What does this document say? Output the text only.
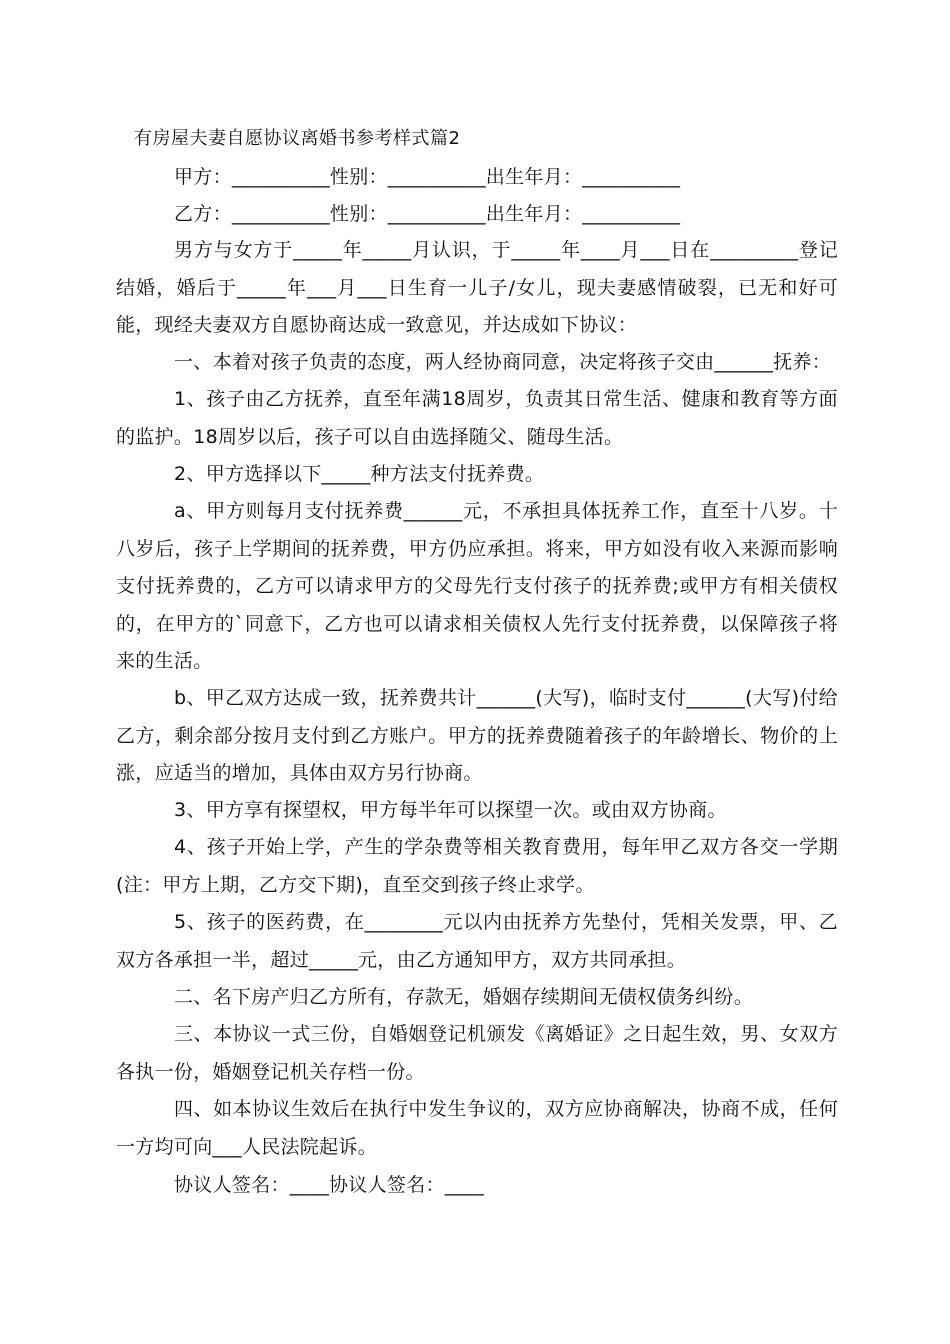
有房屋夫妻自愿协议离婚书参考样式篇2
甲方：__________性别：__________出生年月：__________
乙方：__________性别：__________出生年月：__________
男方与女方于_____年_____月认识，于_____年____月___日在_________登记结婚，婚后于_____年___月___日生育一儿子/女儿，现夫妻感情破裂，已无和好可能，现经夫妻双方自愿协商达成一致意见，并达成如下协议：
一、本着对孩子负责的态度，两人经协商同意，决定将孩子交由______抚养：
1、孩子由乙方抚养，直至年满18周岁，负责其日常生活、健康和教育等方面的监护。18周岁以后，孩子可以自由选择随父、随母生活。
2、甲方选择以下_____种方法支付抚养费。
a、甲方则每月支付抚养费______元，不承担具体抚养工作，直至十八岁。十八岁后，孩子上学期间的抚养费，甲方仍应承担。将来，甲方如没有收入来源而影响支付抚养费的，乙方可以请求甲方的父母先行支付孩子的抚养费;或甲方有相关债权的，在甲方的`同意下，乙方也可以请求相关债权人先行支付抚养费，以保障孩子将来的生活。
b、甲乙双方达成一致，抚养费共计______(大写)，临时支付______(大写)付给乙方，剩余部分按月支付到乙方账户。甲方的抚养费随着孩子的年龄增长、物价的上涨，应适当的增加，具体由双方另行协商。
3、甲方享有探望权，甲方每半年可以探望一次。或由双方协商。
4、孩子开始上学，产生的学杂费等相关教育费用，每年甲乙双方各交一学期(注：甲方上期，乙方交下期)，直至交到孩子终止求学。
5、孩子的医药费，在________元以内由抚养方先垫付，凭相关发票，甲、乙双方各承担一半，超过_____元，由乙方通知甲方，双方共同承担。
二、名下房产归乙方所有，存款无，婚姻存续期间无债权债务纠纷。
三、本协议一式三份，自婚姻登记机颁发《离婚证》之日起生效，男、女双方各执一份，婚姻登记机关存档一份。
四、如本协议生效后在执行中发生争议的，双方应协商解决，协商不成，任何一方均可向___人民法院起诉。
协议人签名：____协议人签名：____
